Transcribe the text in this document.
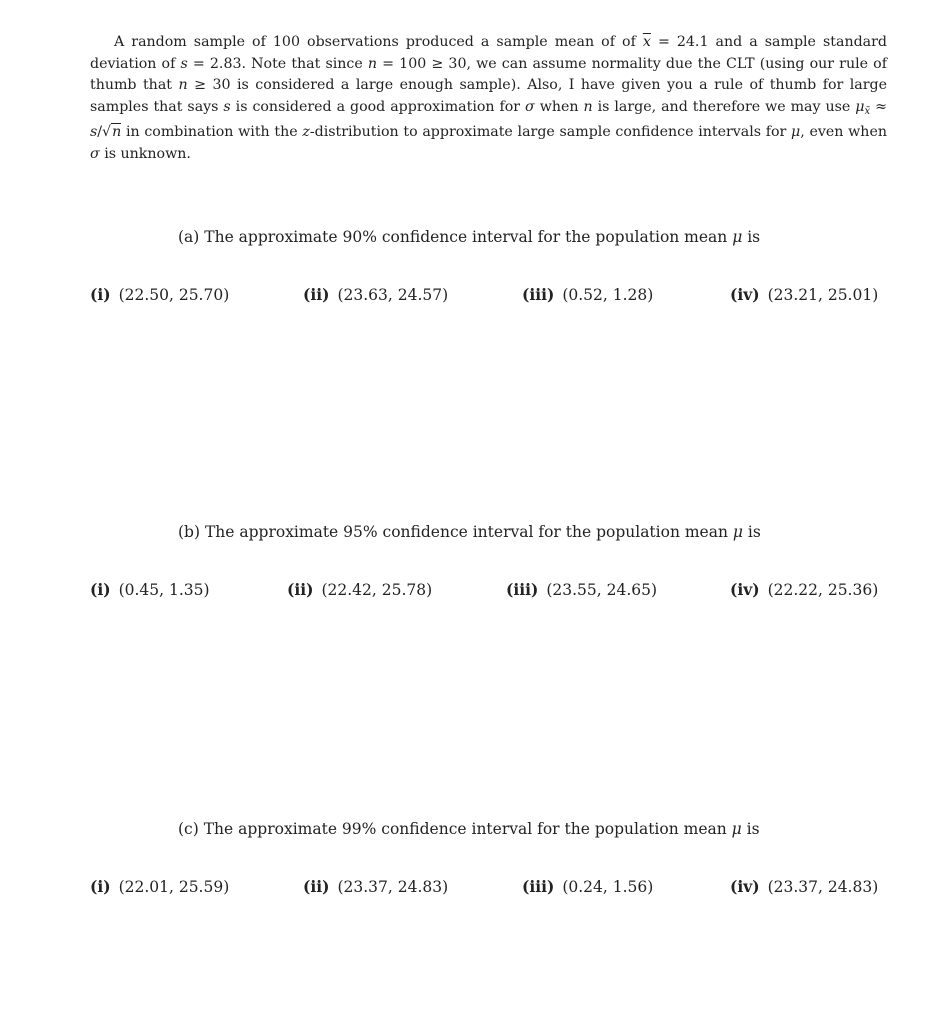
A random sample of 100 observations produced a sample mean of of $\overline{x} = 24.1$ and a sample standard deviation of s = 2.83. Note that since n = 100 ≥ 30, we can assume normality due the CLT (using our rule of thumb that n ≥ 30 is considered a large enough sample). Also, I have given you a rule of thumb for large samples that says s is considered a good approximation for σ when n is large, and therefore we may use $\mu_{x̄} \approx s/√n$ in combination with the z-distribution to approximate large sample confidence intervals for μ, even when σ is unknown.

(a) The approximate 90% confidence interval for the population mean μ is

(i) (22.50, 25.70)	(ii) (23.63, 24.57)	(iii) (0.52, 1.28)	(iv) (23.21, 25.01)

(b) The approximate 95% confidence interval for the population mean μ is

(i) (0.45, 1.35)	(ii) (22.42, 25.78)	(iii) (23.55, 24.65)	(iv) (22.22, 25.36)

(c) The approximate 99% confidence interval for the population mean μ is

(i) (22.01, 25.59)	(ii) (23.37, 24.83)	(iii) (0.24, 1.56)	(iv) (23.37, 24.83)
